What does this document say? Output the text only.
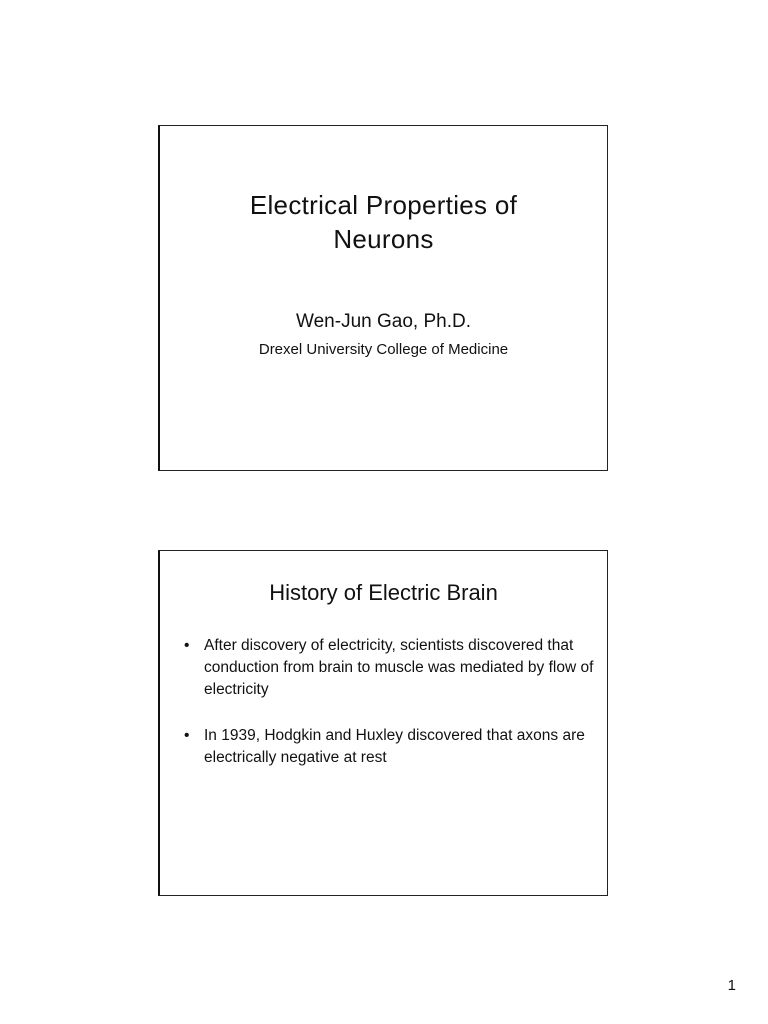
Electrical Properties of
Neurons
Wen-Jun Gao, Ph.D.
Drexel University College of Medicine
History of Electric Brain
• After discovery of electricity, scientists discovered that conduction from brain to muscle was mediated by flow of electricity
• In 1939, Hodgkin and Huxley discovered that axons are electrically negative at rest
1
